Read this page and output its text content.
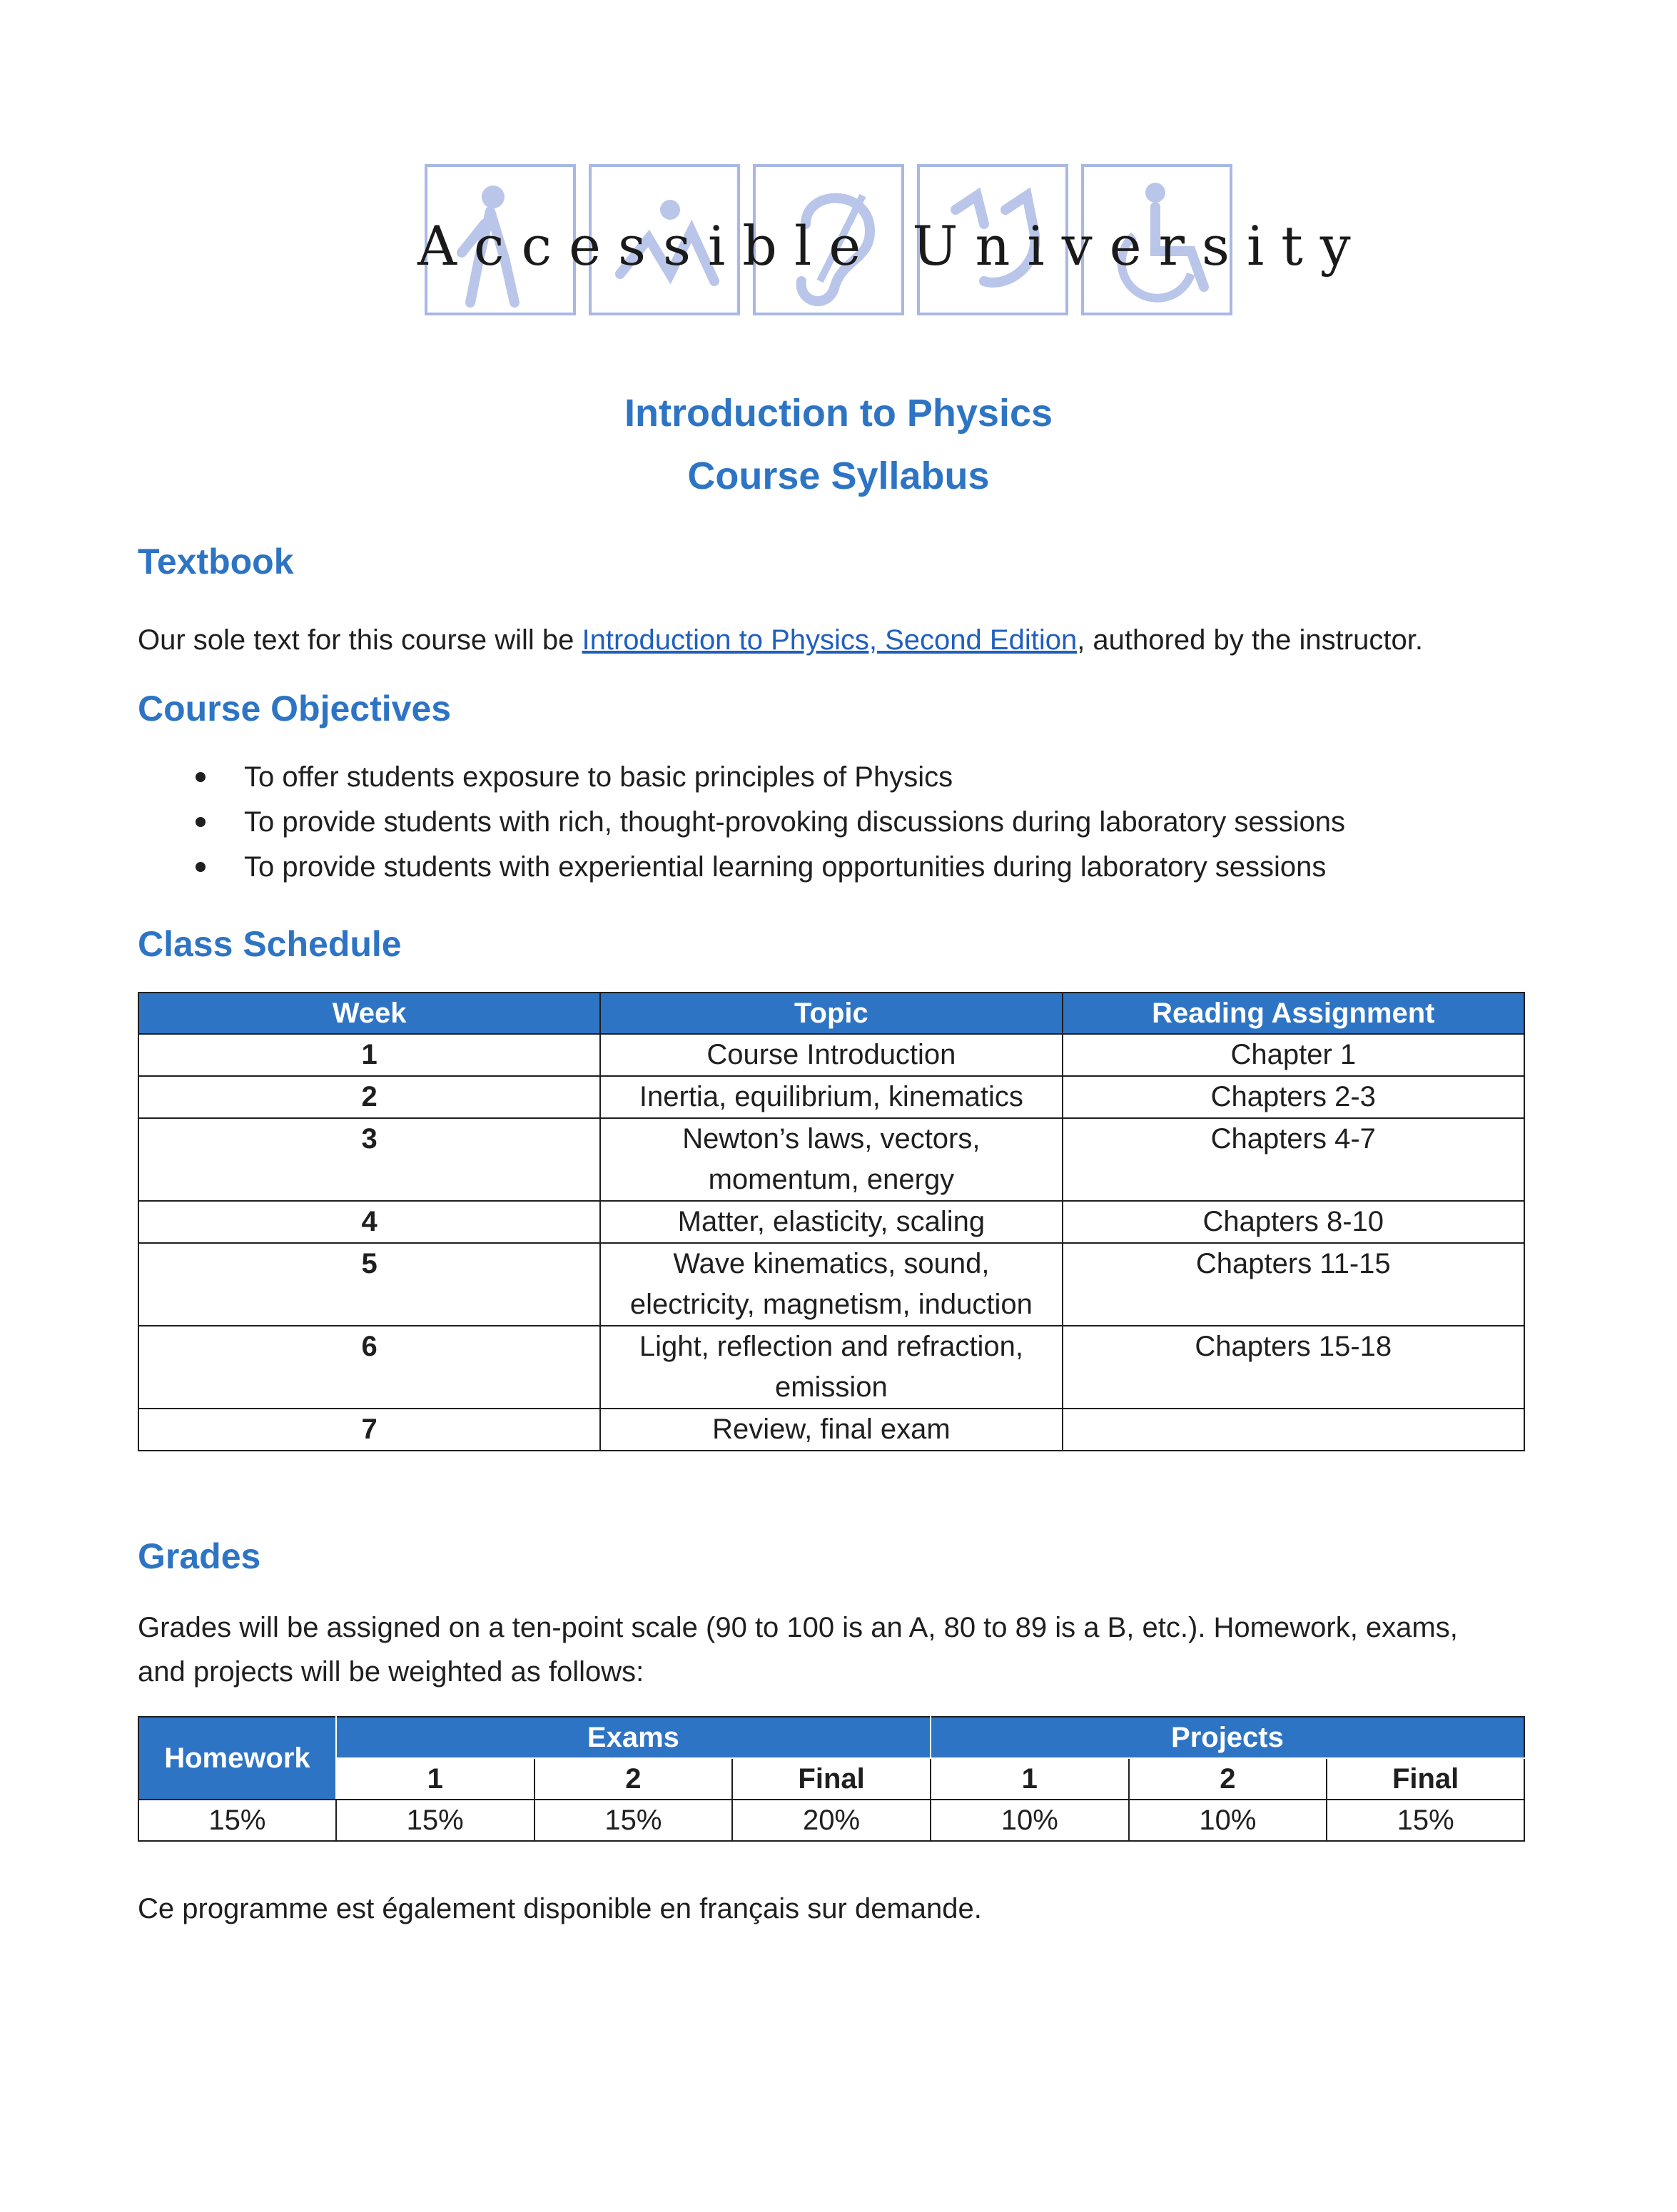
Accessible University
Introduction to Physics
Course Syllabus
Textbook
Our sole text for this course will be Introduction to Physics, Second Edition, authored by the instructor.
Course Objectives
To offer students exposure to basic principles of Physics
To provide students with rich, thought-provoking discussions during laboratory sessions
To provide students with experiential learning opportunities during laboratory sessions
Class Schedule
Week	Topic	Reading Assignment
1	Course Introduction	Chapter 1
2	Inertia, equilibrium, kinematics	Chapters 2-3
3	Newton’s laws, vectors, momentum, energy	Chapters 4-7
4	Matter, elasticity, scaling	Chapters 8-10
5	Wave kinematics, sound, electricity, magnetism, induction	Chapters 11-15
6	Light, reflection and refraction, emission	Chapters 15-18
7	Review, final exam	
Grades
Grades will be assigned on a ten-point scale (90 to 100 is an A, 80 to 89 is a B, etc.). Homework, exams,
and projects will be weighted as follows:
Homework	Exams			Projects		
	1	2	Final	1	2	Final
15%	15%	15%	20%	10%	10%	15%
Ce programme est également disponible en français sur demande.
